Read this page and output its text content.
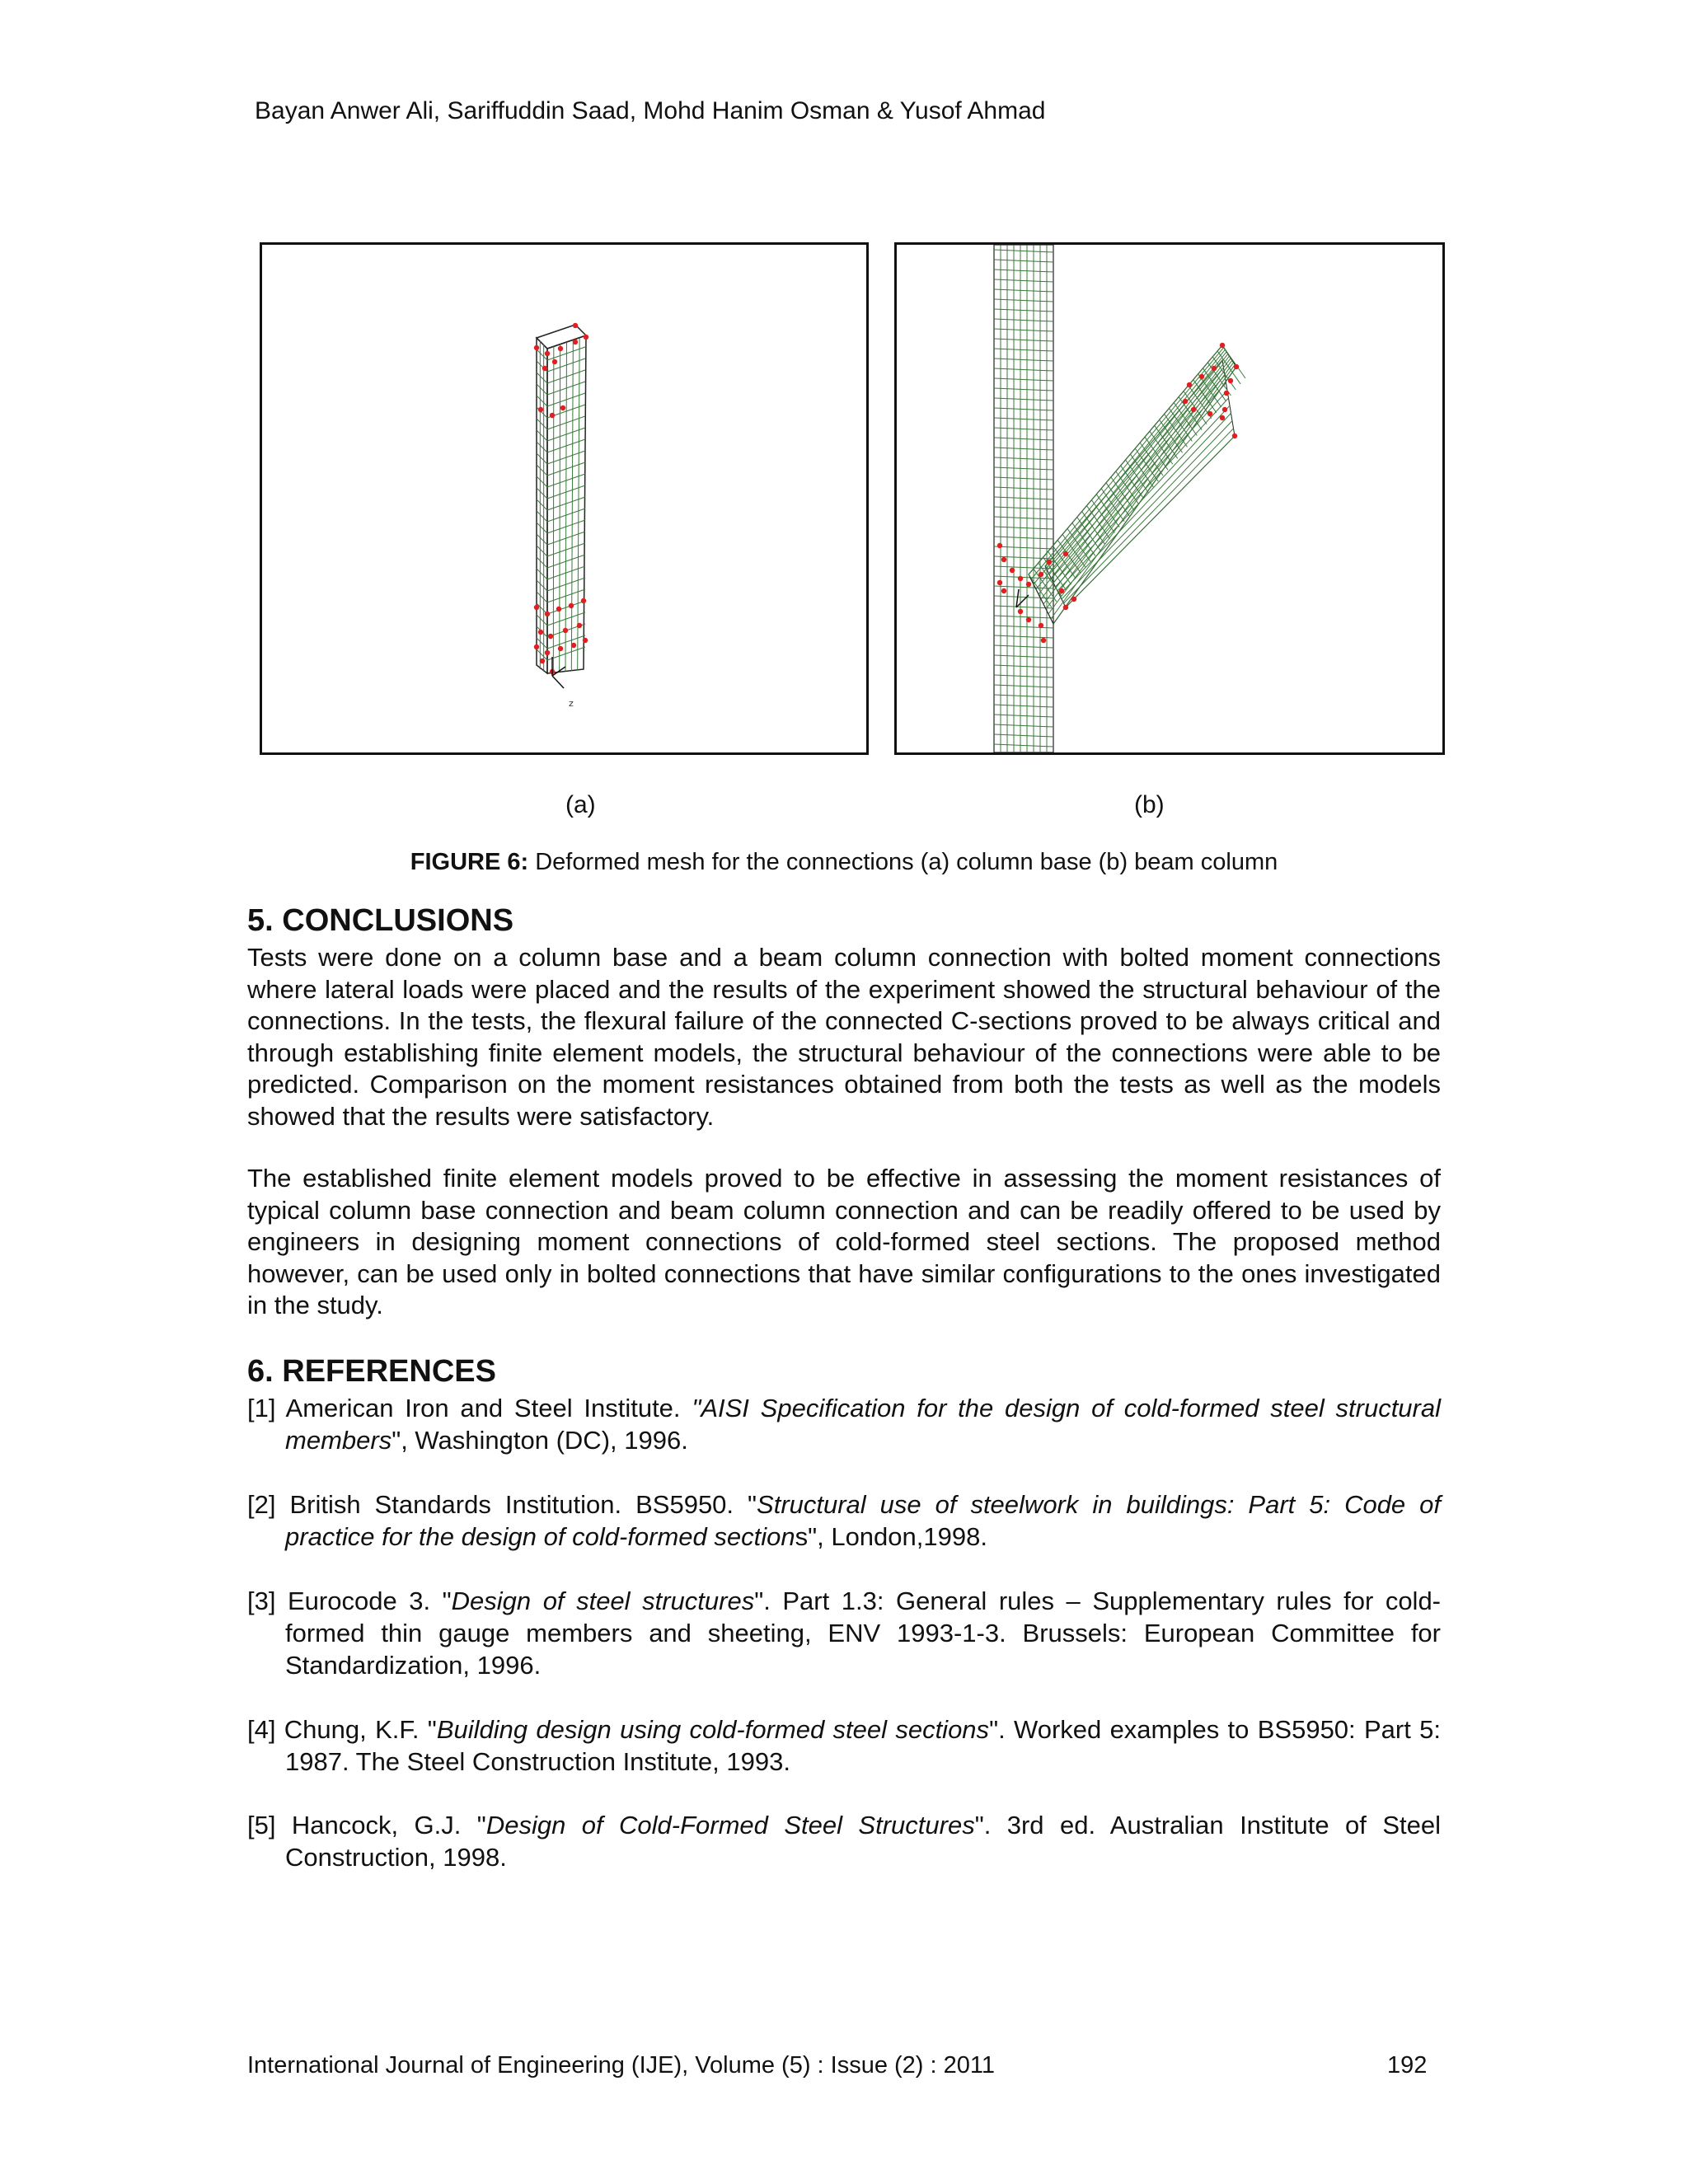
Bayan Anwer Ali, Sariffuddin Saad, Mohd Hanim Osman & Yusof Ahmad
z
(a)	(b)
FIGURE 6: Deformed mesh for the connections (a) column base (b) beam column
5. CONCLUSIONS

Tests were done on a column base and a beam column connection with bolted moment connections where lateral loads were placed and the results of the experiment showed the structural behaviour of the connections. In the tests, the flexural failure of the connected C-sections proved to be always critical and through establishing finite element models, the structural behaviour of the connections were able to be predicted. Comparison on the moment resistances obtained from both the tests as well as the models showed that the results were satisfactory.

The established finite element models proved to be effective in assessing the moment resistances of typical column base connection and beam column connection and can be readily offered to be used by engineers in designing moment connections of cold-formed steel sections. The proposed method however, can be used only in bolted connections that have similar configurations to the ones investigated in the study.

6. REFERENCES

[1] American Iron and Steel Institute. "AISI Specification for the design of cold-formed steel structural members", Washington (DC), 1996.

[2] British Standards Institution. BS5950. "Structural use of steelwork in buildings: Part 5: Code of practice for the design of cold-formed sections", London,1998.

[3] Eurocode 3. "Design of steel structures". Part 1.3: General rules – Supplementary rules for cold-formed thin gauge members and sheeting, ENV 1993-1-3. Brussels: European Committee for Standardization, 1996.

[4] Chung, K.F. "Building design using cold-formed steel sections". Worked examples to BS5950: Part 5: 1987. The Steel Construction Institute, 1993.

[5] Hancock, G.J. "Design of Cold-Formed Steel Structures". 3rd ed. Australian Institute of Steel Construction, 1998.

International Journal of Engineering (IJE), Volume (5) : Issue (2) : 2011	192
